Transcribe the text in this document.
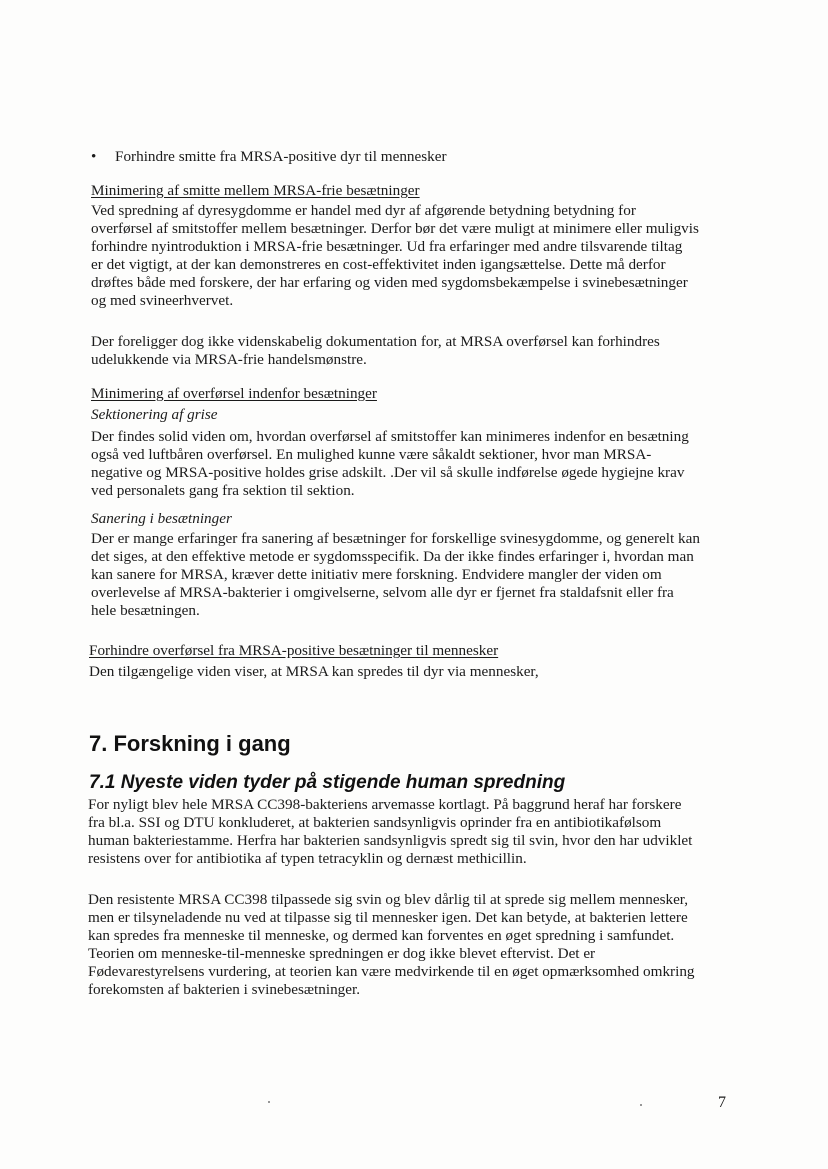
• Forhindre smitte fra MRSA-positive dyr til mennesker
Minimering af smitte mellem MRSA-frie besætninger

Ved spredning af dyresygdomme er handel med dyr af afgørende betydning betydning for

overførsel af smitstoffer mellem besætninger. Derfor bør det være muligt at minimere eller muligvis

forhindre nyintroduktion i MRSA-frie besætninger. Ud fra erfaringer med andre tilsvarende tiltag

er det vigtigt, at der kan demonstreres en cost-effektivitet inden igangsættelse. Dette må derfor

drøftes både med forskere, der har erfaring og viden med sygdomsbekæmpelse i svinebesætninger

og med svineerhvervet.

Der foreligger dog ikke videnskabelig dokumentation for, at MRSA overførsel kan forhindres

udelukkende via MRSA-frie handelsmønstre.

Minimering af overførsel indenfor besætninger
Sektionering af grise

Der findes solid viden om, hvordan overførsel af smitstoffer kan minimeres indenfor en besætning

også ved luftbåren overførsel. En mulighed kunne være såkaldt sektioner, hvor man MRSA-

negative og MRSA-positive holdes grise adskilt. .Der vil så skulle indførelse øgede hygiejne krav

ved personalets gang fra sektion til sektion.

Sanering i besætninger

Der er mange erfaringer fra sanering af besætninger for forskellige svinesygdomme, og generelt kan

det siges, at den effektive metode er sygdomsspecifik. Da der ikke findes erfaringer i, hvordan man

kan sanere for MRSA, kræver dette initiativ mere forskning. Endvidere mangler der viden om

overlevelse af MRSA-bakterier i omgivelserne, selvom alle dyr er fjernet fra staldafsnit eller fra

hele besætningen.

Forhindre overførsel fra MRSA-positive besætninger til mennesker

Den tilgængelige viden viser, at MRSA kan spredes til dyr via mennesker,

7. Forskning i gang
7.1 Nyeste viden tyder på stigende human spredning

For nyligt blev hele MRSA CC398-bakteriens arvemasse kortlagt. På baggrund heraf har forskere

fra bl.a. SSI og DTU konkluderet, at bakterien sandsynligvis oprinder fra en antibiotikafølsom

human bakteriestamme. Herfra har bakterien sandsynligvis spredt sig til svin, hvor den har udviklet

resistens over for antibiotika af typen tetracyklin og dernæst methicillin.

Den resistente MRSA CC398 tilpassede sig svin og blev dårlig til at sprede sig mellem mennesker,

men er tilsyneladende nu ved at tilpasse sig til mennesker igen. Det kan betyde, at bakterien lettere

kan spredes fra menneske til menneske, og dermed kan forventes en øget spredning i samfundet.

Teorien om menneske-til-menneske spredningen er dog ikke blevet eftervist. Det er

Fødevarestyrelsens vurdering, at teorien kan være medvirkende til en øget opmærksomhed omkring

forekomsten af bakterien i svinebesætninger.

7
